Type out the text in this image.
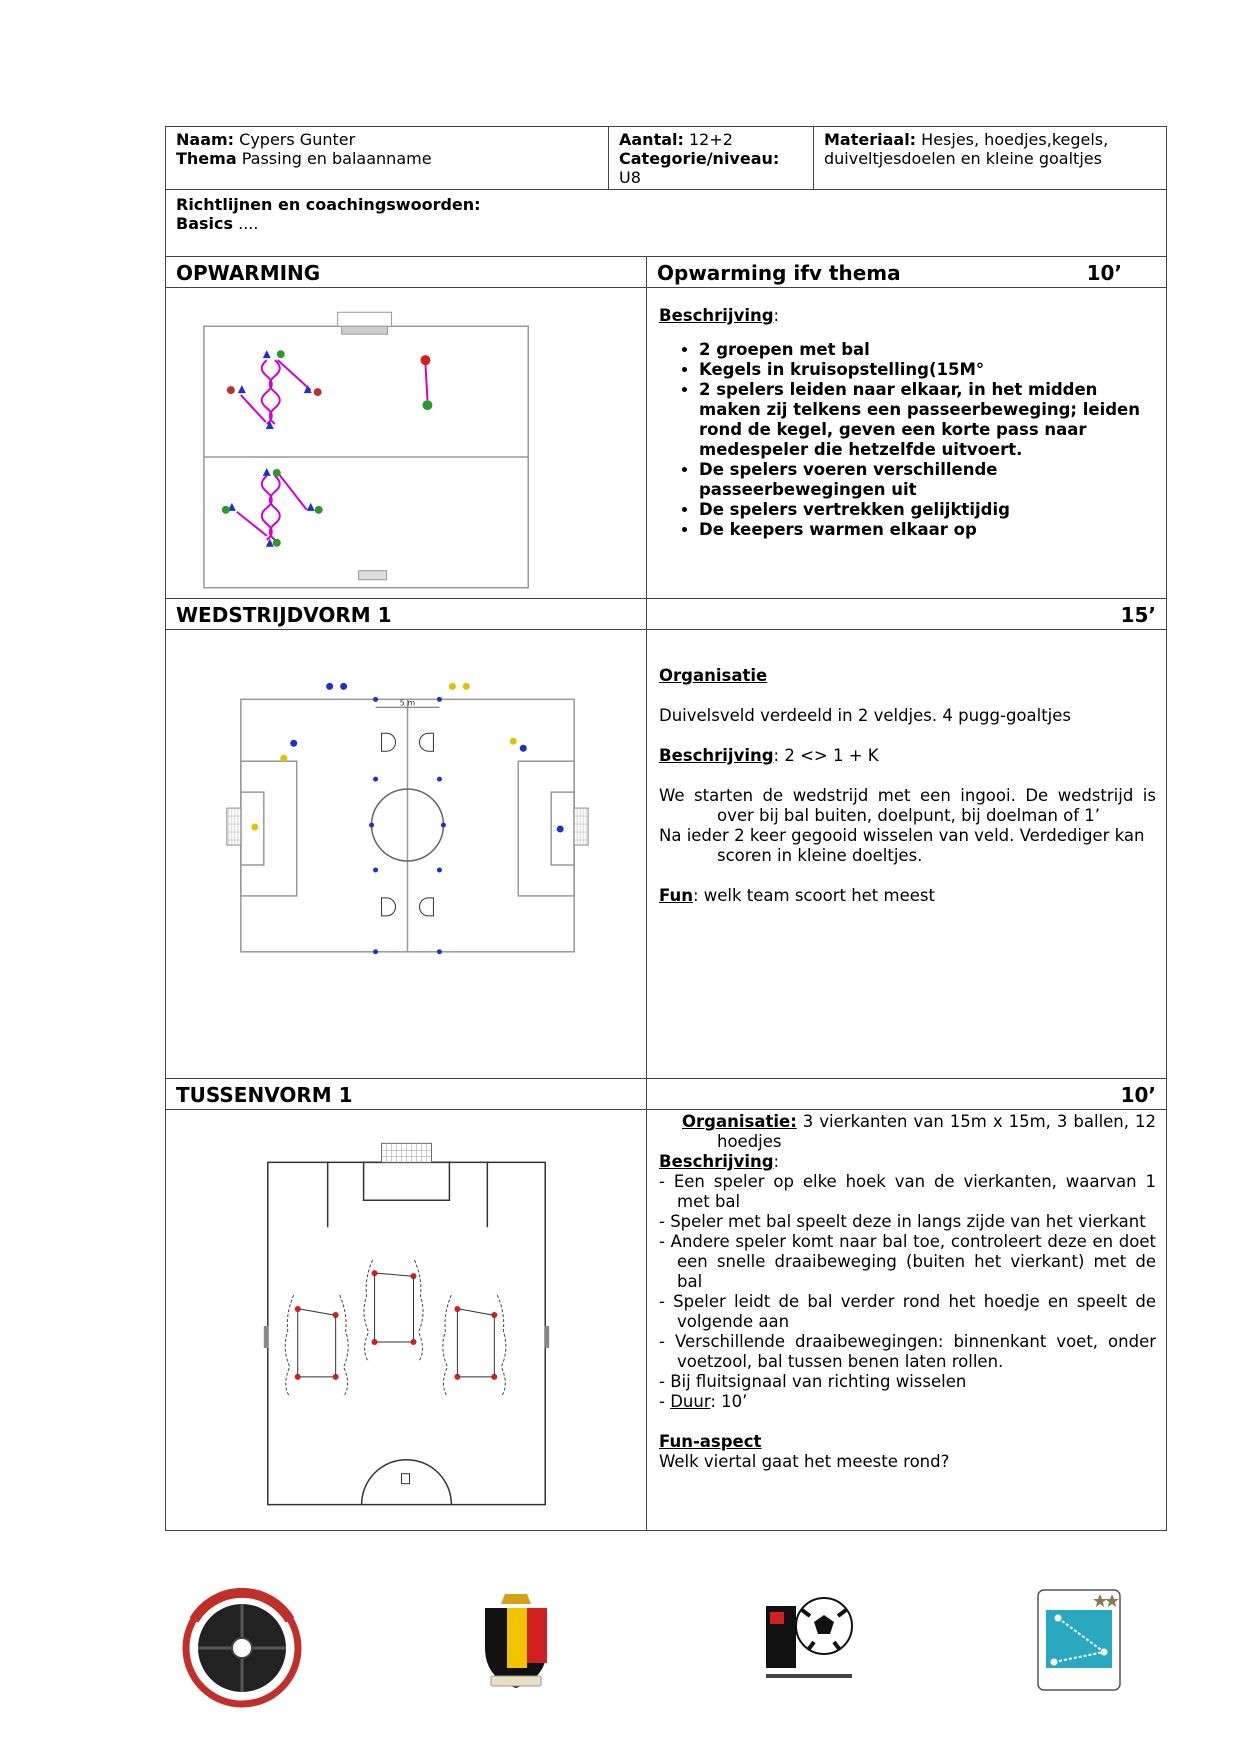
Naam: Cypers Gunter
Thema Passing en balaanname
Aantal: 12+2
Categorie/niveau:
U8
Materiaal: Hesjes, hoedjes,kegels, duiveltjesdoelen en kleine goaltjes
Richtlijnen en coachingswoorden:
Basics ....
OPWARMING	Opwarming ifv thema	10’
Beschrijving:
• 2 groepen met bal
• Kegels in kruisopstelling(15M°
• 2 spelers leiden naar elkaar, in het midden maken zij telkens een passeerbeweging; leiden rond de kegel, geven een korte pass naar medespeler die hetzelfde uitvoert.
• De spelers voeren verschillende passeerbewegingen uit
• De spelers vertrekken gelijktijdig
• De keepers warmen elkaar op
WEDSTRIJDVORM 1	15’
5 m
Organisatie

Duivelsveld verdeeld in 2 veldjes. 4 pugg-goaltjes

Beschrijving: 2 <> 1 + K

We starten de wedstrijd met een ingooi. De wedstrijd is over bij bal buiten, doelpunt, bij doelman of 1’

Na ieder 2 keer gegooid wisselen van veld. Verdediger kan scoren in kleine doeltjes.

Fun: welk team scoort het meest

TUSSENVORM 1	10’

Organisatie: 3 vierkanten van 15m x 15m, 3 ballen, 12 hoedjes

Beschrijving:

- Een speler op elke hoek van de vierkanten, waarvan 1 met bal

- Speler met bal speelt deze in langs zijde van het vierkant

- Andere speler komt naar bal toe, controleert deze en doet een snelle draaibeweging (buiten het vierkant) met de bal

- Speler leidt de bal verder rond het hoedje en speelt de volgende aan

- Verschillende draaibewegingen: binnenkant voet, onder voetzool, bal tussen benen laten rollen.

- Bij fluitsignaal van richting wisselen

- Duur: 10’

Fun-aspect

Welk viertal gaat het meeste rond?
